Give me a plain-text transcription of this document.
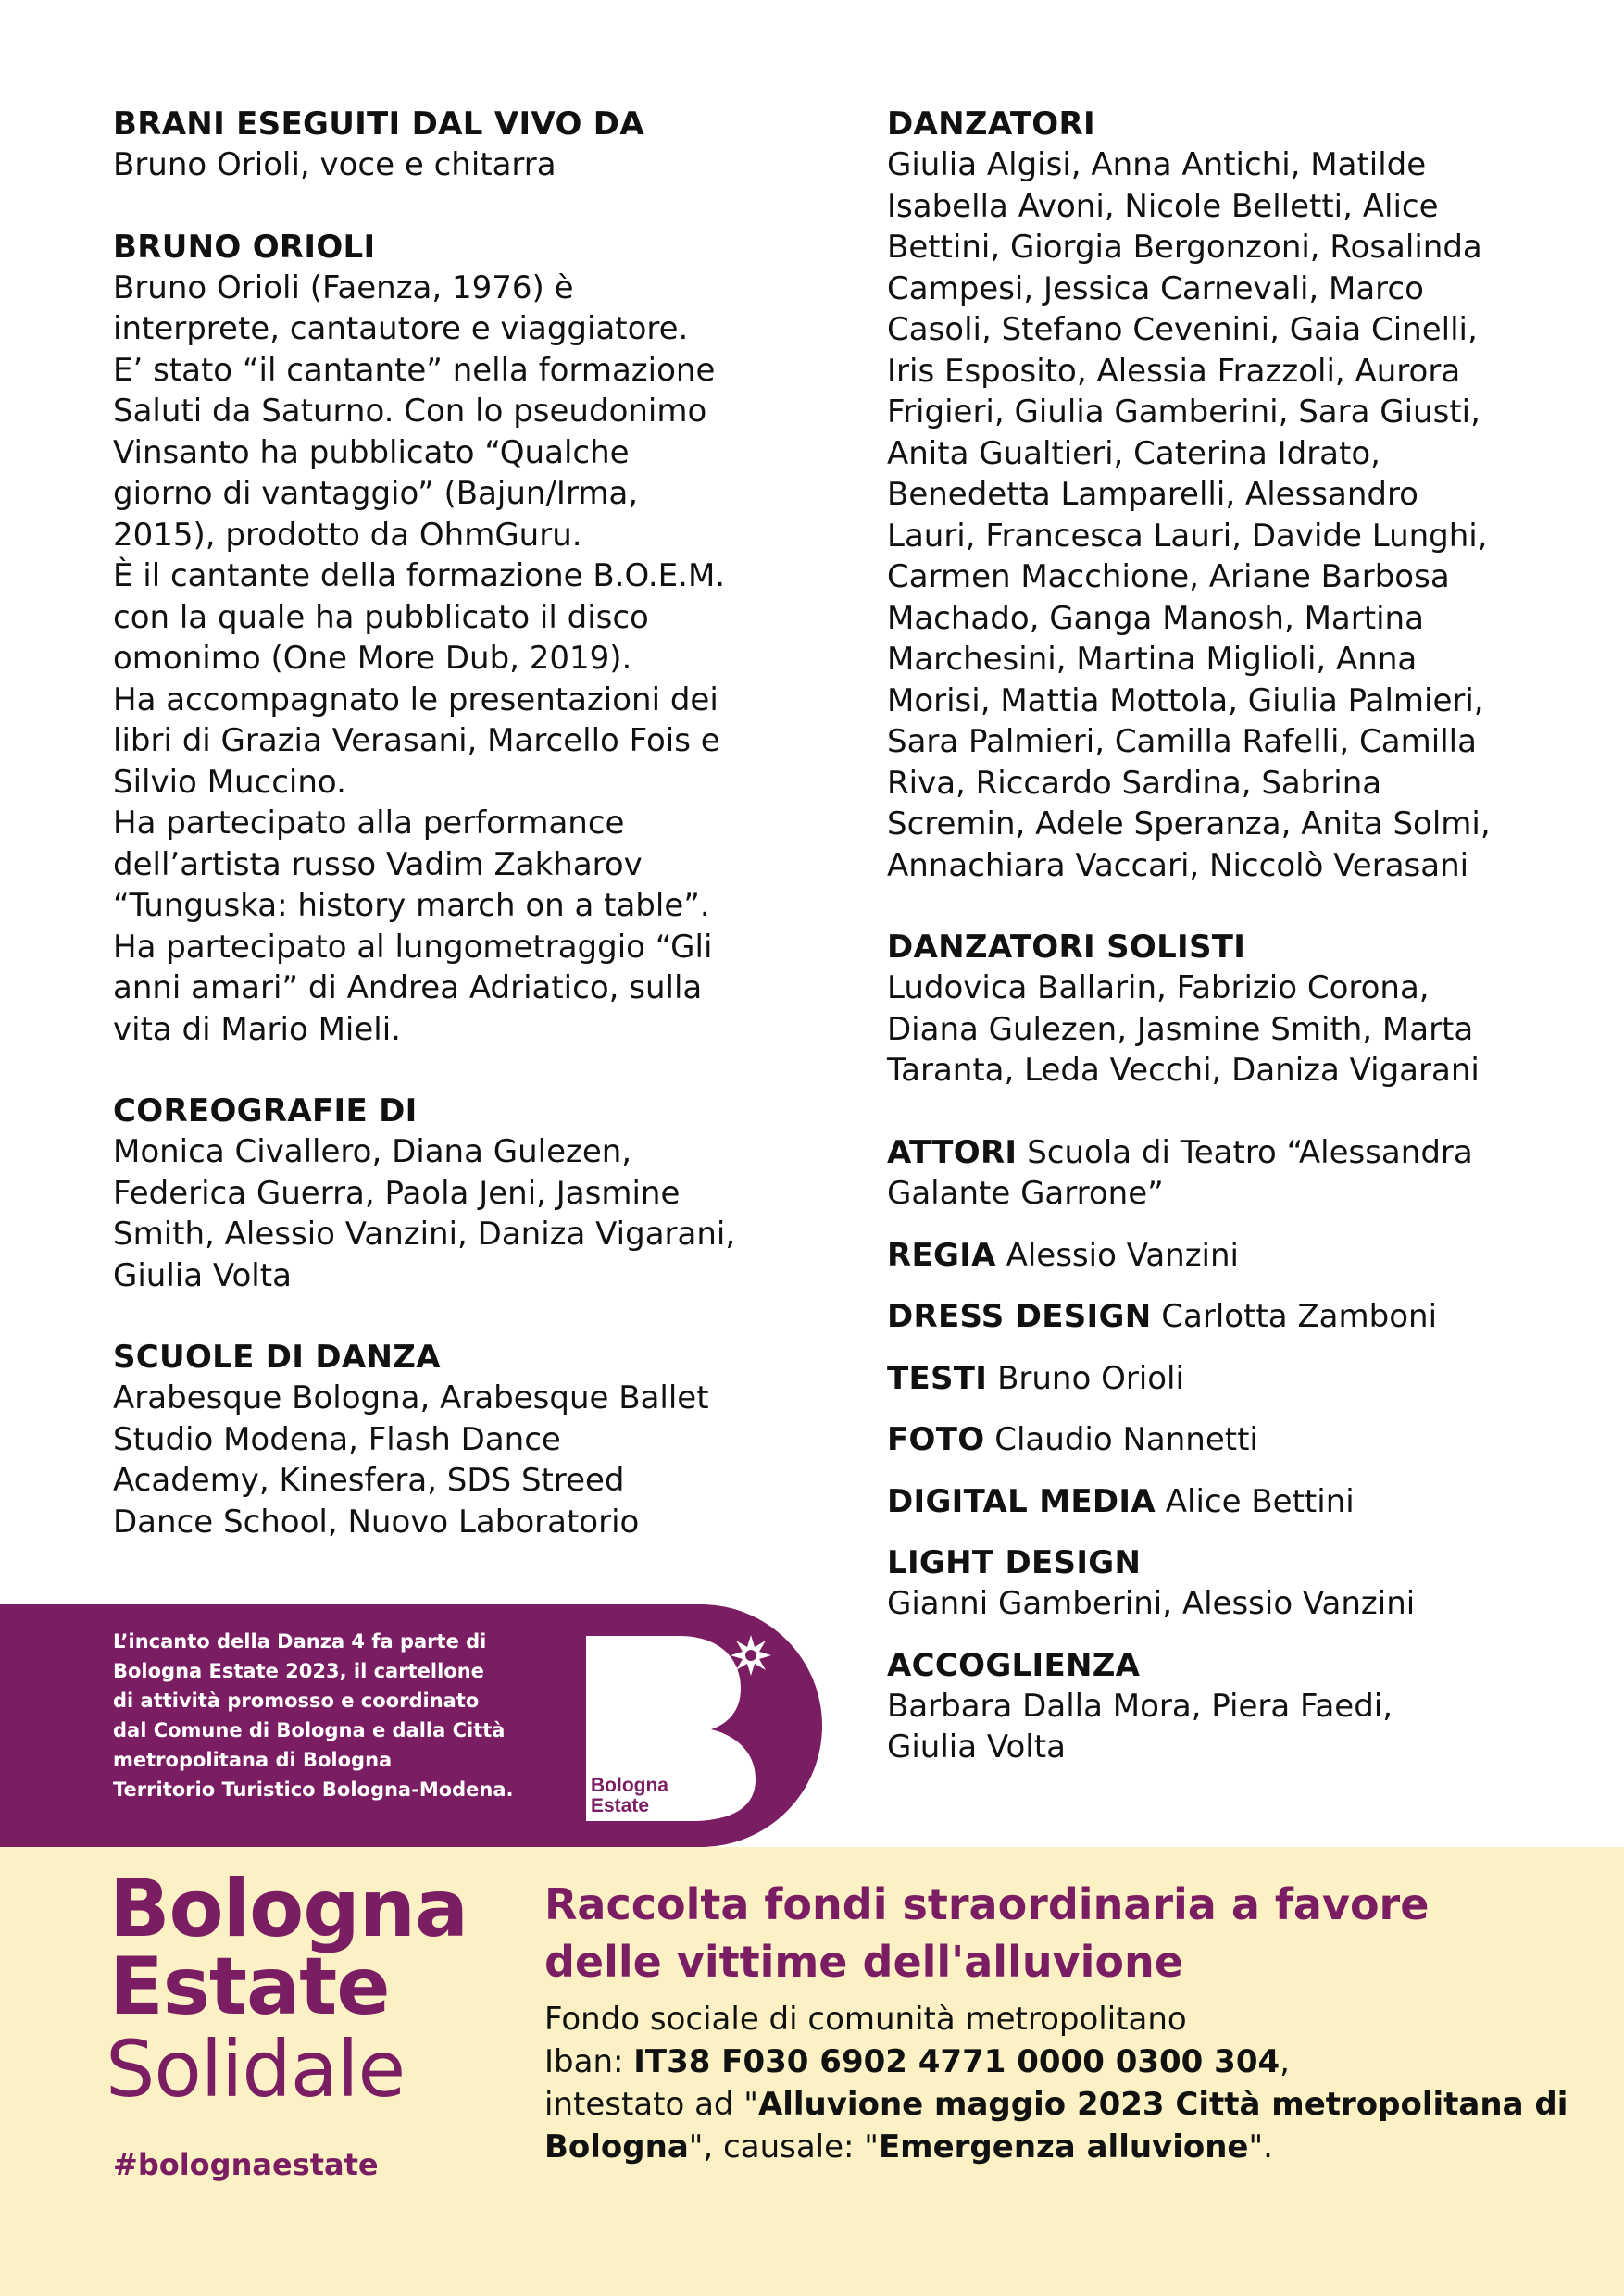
BRANI ESEGUITI DAL VIVO DA
Bruno Orioli, voce e chitarra
BRUNO ORIOLI
Bruno Orioli (Faenza, 1976) è
interprete, cantautore e viaggiatore.
E’ stato “il cantante” nella formazione
Saluti da Saturno. Con lo pseudonimo
Vinsanto ha pubblicato “Qualche
giorno di vantaggio” (Bajun/Irma,
2015), prodotto da OhmGuru.
È il cantante della formazione B.O.E.M.
con la quale ha pubblicato il disco
omonimo (One More Dub, 2019).
Ha accompagnato le presentazioni dei
libri di Grazia Verasani, Marcello Fois e
Silvio Muccino.
Ha partecipato alla performance
dell’artista russo Vadim Zakharov
“Tunguska: history march on a table”.
Ha partecipato al lungometraggio “Gli
anni amari” di Andrea Adriatico, sulla
vita di Mario Mieli.
COREOGRAFIE DI
Monica Civallero, Diana Gulezen,
Federica Guerra, Paola Jeni, Jasmine
Smith, Alessio Vanzini, Daniza Vigarani,
Giulia Volta
SCUOLE DI DANZA
Arabesque Bologna, Arabesque Ballet
Studio Modena, Flash Dance
Academy, Kinesfera, SDS Streed
Dance School, Nuovo Laboratorio
DANZATORI
Giulia Algisi, Anna Antichi, Matilde
Isabella Avoni, Nicole Belletti, Alice
Bettini, Giorgia Bergonzoni, Rosalinda
Campesi, Jessica Carnevali, Marco
Casoli, Stefano Cevenini, Gaia Cinelli,
Iris Esposito, Alessia Frazzoli, Aurora
Frigieri, Giulia Gamberini, Sara Giusti,
Anita Gualtieri, Caterina Idrato,
Benedetta Lamparelli, Alessandro
Lauri, Francesca Lauri, Davide Lunghi,
Carmen Macchione, Ariane Barbosa
Machado, Ganga Manosh, Martina
Marchesini, Martina Miglioli, Anna
Morisi, Mattia Mottola, Giulia Palmieri,
Sara Palmieri, Camilla Rafelli, Camilla
Riva, Riccardo Sardina, Sabrina
Scremin, Adele Speranza, Anita Solmi,
Annachiara Vaccari, Niccolò Verasani
DANZATORI SOLISTI
Ludovica Ballarin, Fabrizio Corona,
Diana Gulezen, Jasmine Smith, Marta
Taranta, Leda Vecchi, Daniza Vigarani
ATTORI Scuola di Teatro “Alessandra
Galante Garrone”
REGIA Alessio Vanzini
DRESS DESIGN Carlotta Zamboni
TESTI Bruno Orioli
FOTO Claudio Nannetti
DIGITAL MEDIA Alice Bettini
LIGHT DESIGN
Gianni Gamberini, Alessio Vanzini
ACCOGLIENZA
Barbara Dalla Mora, Piera Faedi,
Giulia Volta
L’incanto della Danza 4 fa parte di
Bologna Estate 2023, il cartellone
di attività promosso e coordinato
dal Comune di Bologna e dalla Città
metropolitana di Bologna
Territorio Turistico Bologna-Modena.	Bologna
Estate
Bologna
Estate
Solidale
#bolognaestate
Raccolta fondi straordinaria a favore
delle vittime dell'alluvione
Fondo sociale di comunità metropolitano
Iban: IT38 F030 6902 4771 0000 0300 304,
intestato ad "Alluvione maggio 2023 Città metropolitana di Bologna", causale: "Emergenza alluvione".
